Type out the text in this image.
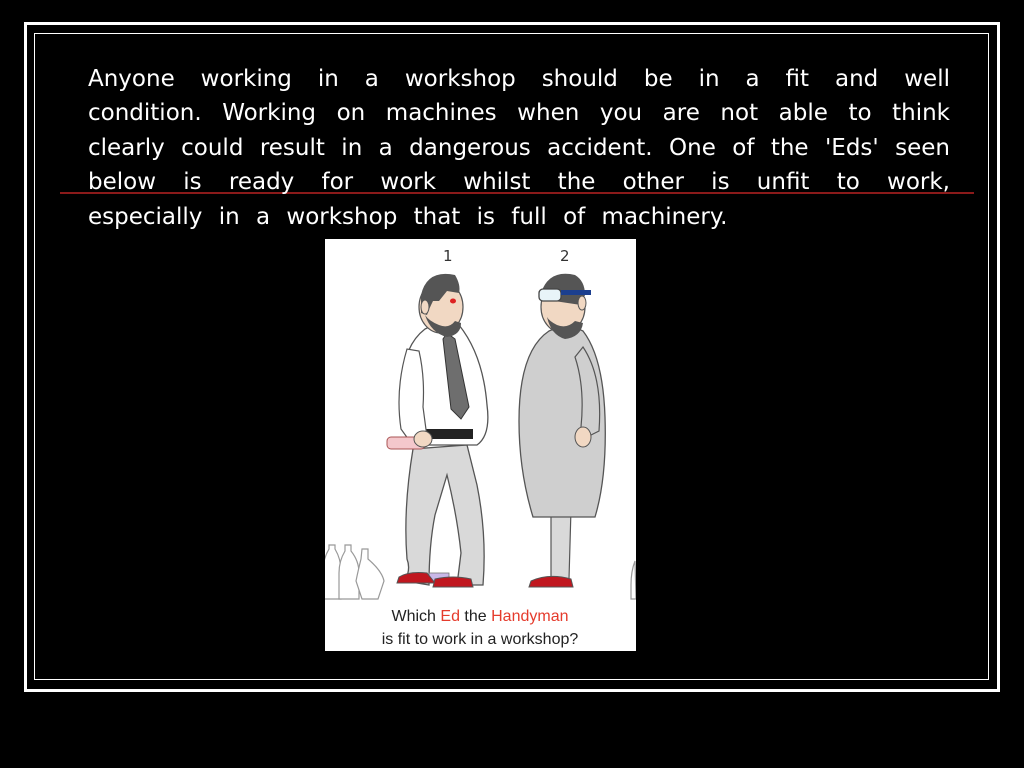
Anyone working in a workshop should be in a fit and well condition. Working on machines when you are not able to think clearly could result in a dangerous accident. One of the 'Eds' seen below is ready for work whilst the other is unfit to work, especially in a workshop that is full of machinery.
1	2
Which Ed the Handyman
is fit to work in a workshop?
